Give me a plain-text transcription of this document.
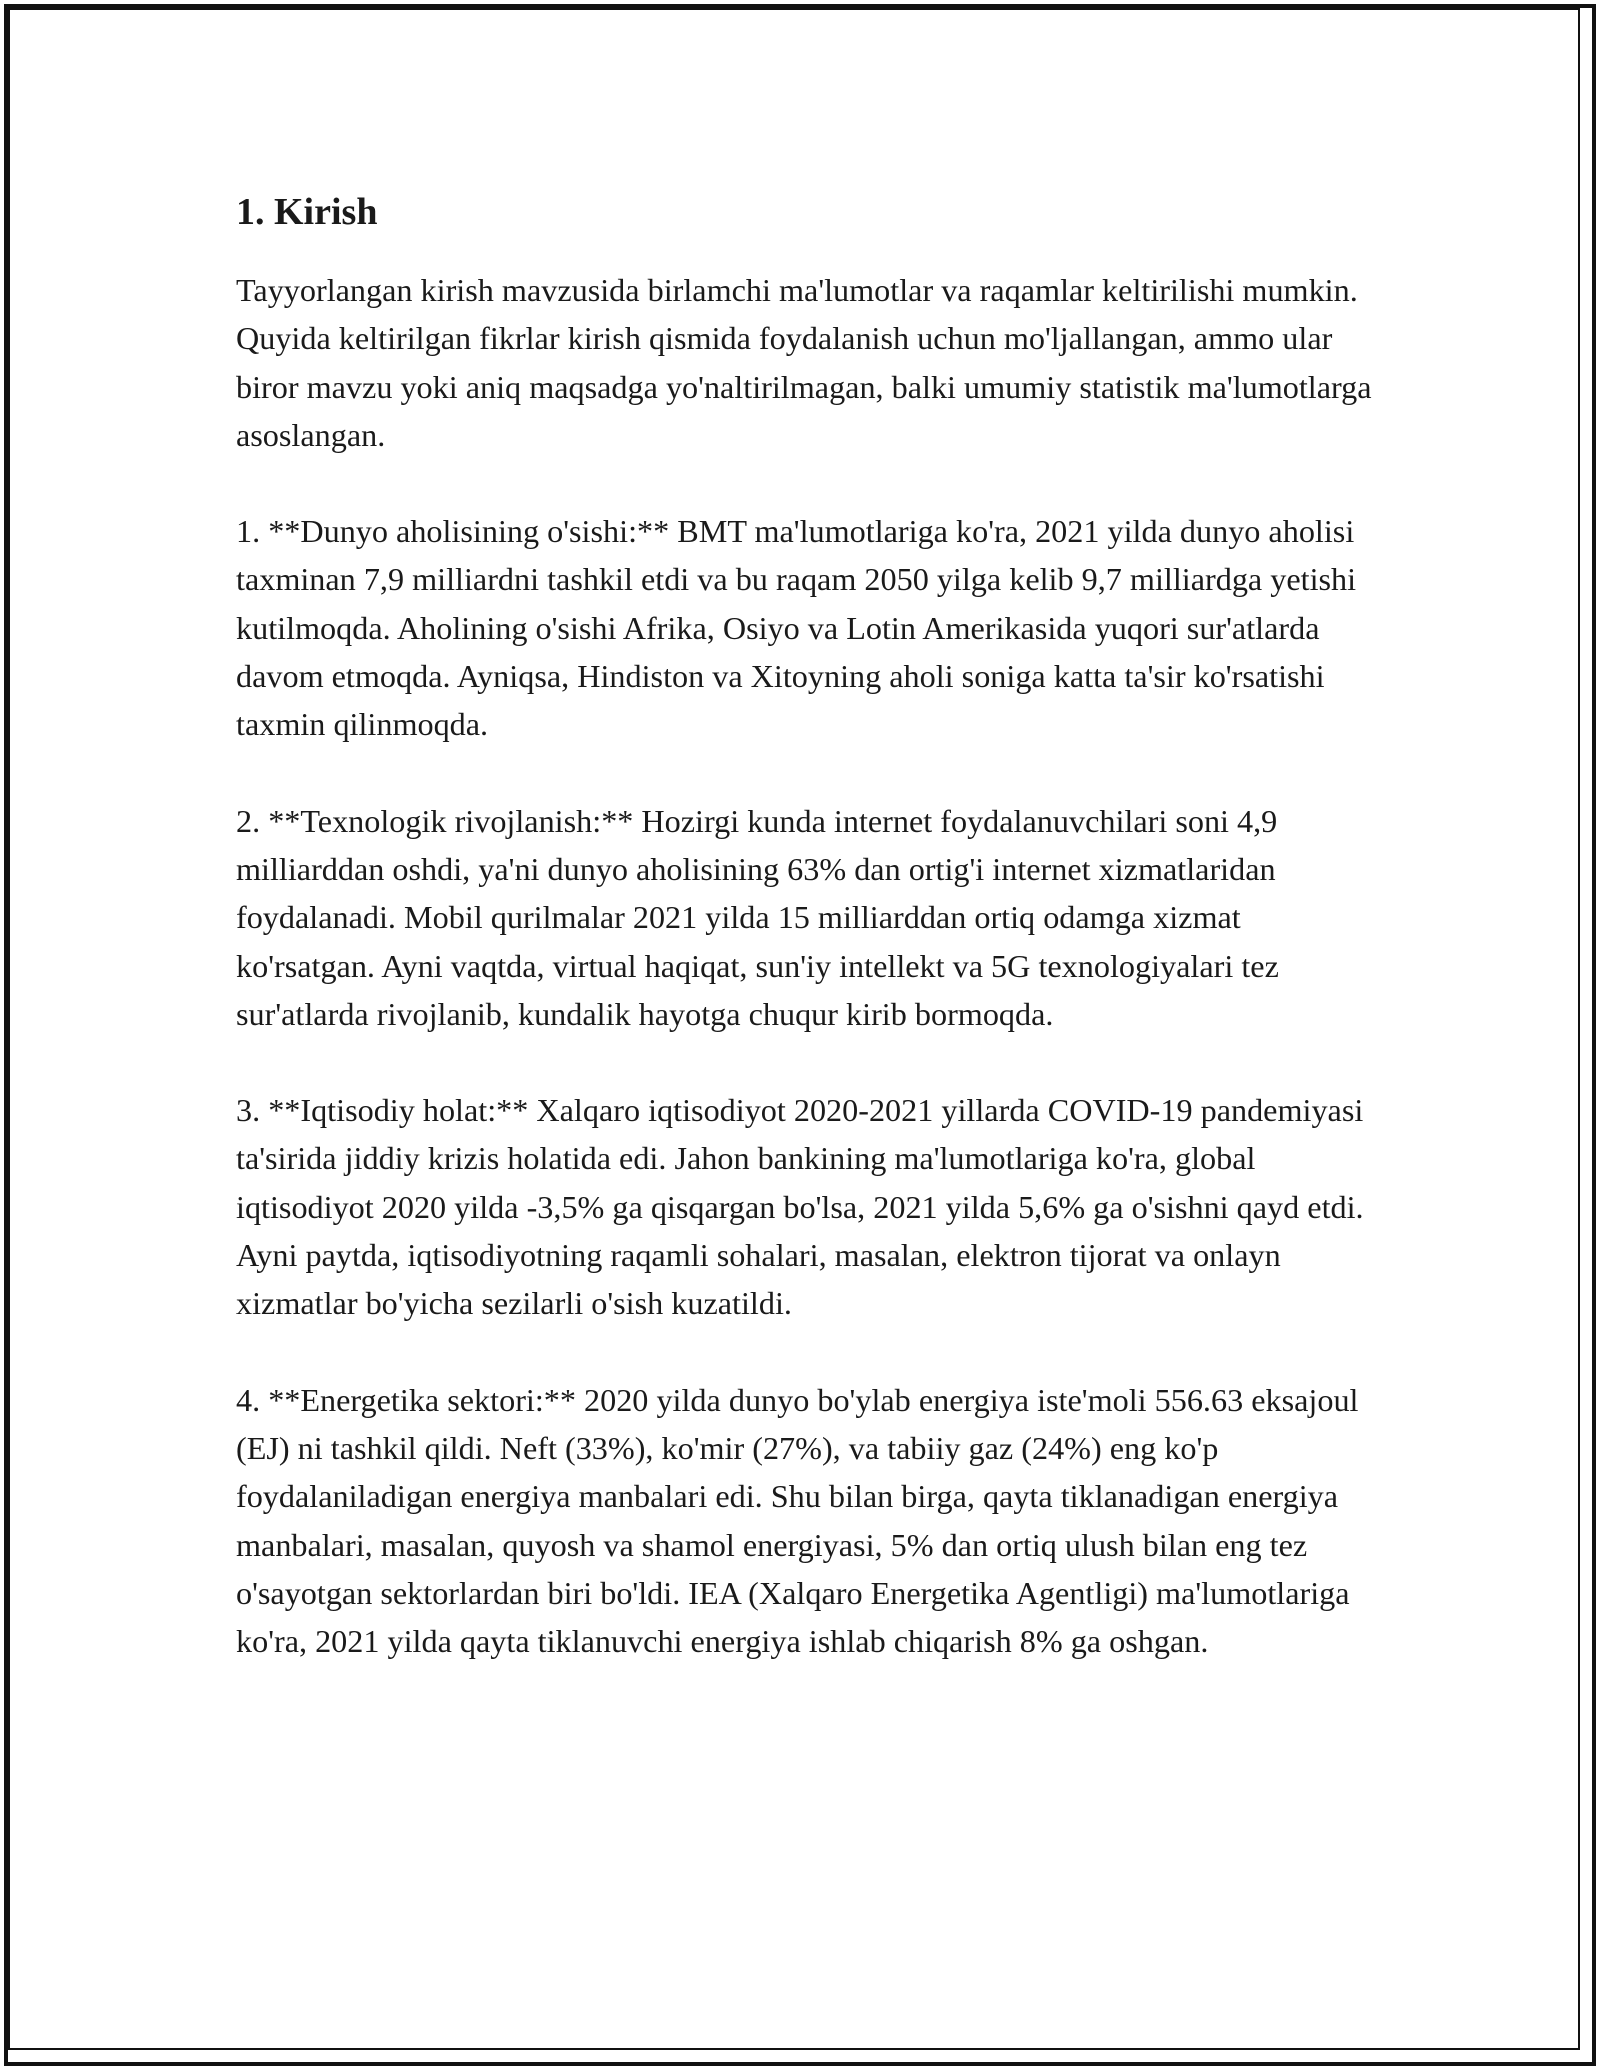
1. Kirish

Tayyorlangan kirish mavzusida birlamchi ma'lumotlar va raqamlar keltirilishi mumkin. Quyida keltirilgan fikrlar kirish qismida foydalanish uchun mo'ljallangan, ammo ular biror mavzu yoki aniq maqsadga yo'naltirilmagan, balki umumiy statistik ma'lumotlarga asoslangan.

1. **Dunyo aholisining o'sishi:** BMT ma'lumotlariga ko'ra, 2021 yilda dunyo aholisi taxminan 7,9 milliardni tashkil etdi va bu raqam 2050 yilga kelib 9,7 milliardga yetishi kutilmoqda. Aholining o'sishi Afrika, Osiyo va Lotin Amerikasida yuqori sur'atlarda davom etmoqda. Ayniqsa, Hindiston va Xitoyning aholi soniga katta ta'sir ko'rsatishi taxmin qilinmoqda.

2. **Texnologik rivojlanish:** Hozirgi kunda internet foydalanuvchilari soni 4,9 milliarddan oshdi, ya'ni dunyo aholisining 63% dan ortig'i internet xizmatlaridan foydalanadi. Mobil qurilmalar 2021 yilda 15 milliarddan ortiq odamga xizmat ko'rsatgan. Ayni vaqtda, virtual haqiqat, sun'iy intellekt va 5G texnologiyalari tez sur'atlarda rivojlanib, kundalik hayotga chuqur kirib bormoqda.

3. **Iqtisodiy holat:** Xalqaro iqtisodiyot 2020-2021 yillarda COVID-19 pandemiyasi ta'sirida jiddiy krizis holatida edi. Jahon bankining ma'lumotlariga ko'ra, global iqtisodiyot 2020 yilda -3,5% ga qisqargan bo'lsa, 2021 yilda 5,6% ga o'sishni qayd etdi. Ayni paytda, iqtisodiyotning raqamli sohalari, masalan, elektron tijorat va onlayn xizmatlar bo'yicha sezilarli o'sish kuzatildi.

4. **Energetika sektori:** 2020 yilda dunyo bo'ylab energiya iste'moli 556.63 eksajoul (EJ) ni tashkil qildi. Neft (33%), ko'mir (27%), va tabiiy gaz (24%) eng ko'p foydalaniladigan energiya manbalari edi. Shu bilan birga, qayta tiklanadigan energiya manbalari, masalan, quyosh va shamol energiyasi, 5% dan ortiq ulush bilan eng tez o'sayotgan sektorlardan biri bo'ldi. IEA (Xalqaro Energetika Agentligi) ma'lumotlariga ko'ra, 2021 yilda qayta tiklanuvchi energiya ishlab chiqarish 8% ga oshgan.
